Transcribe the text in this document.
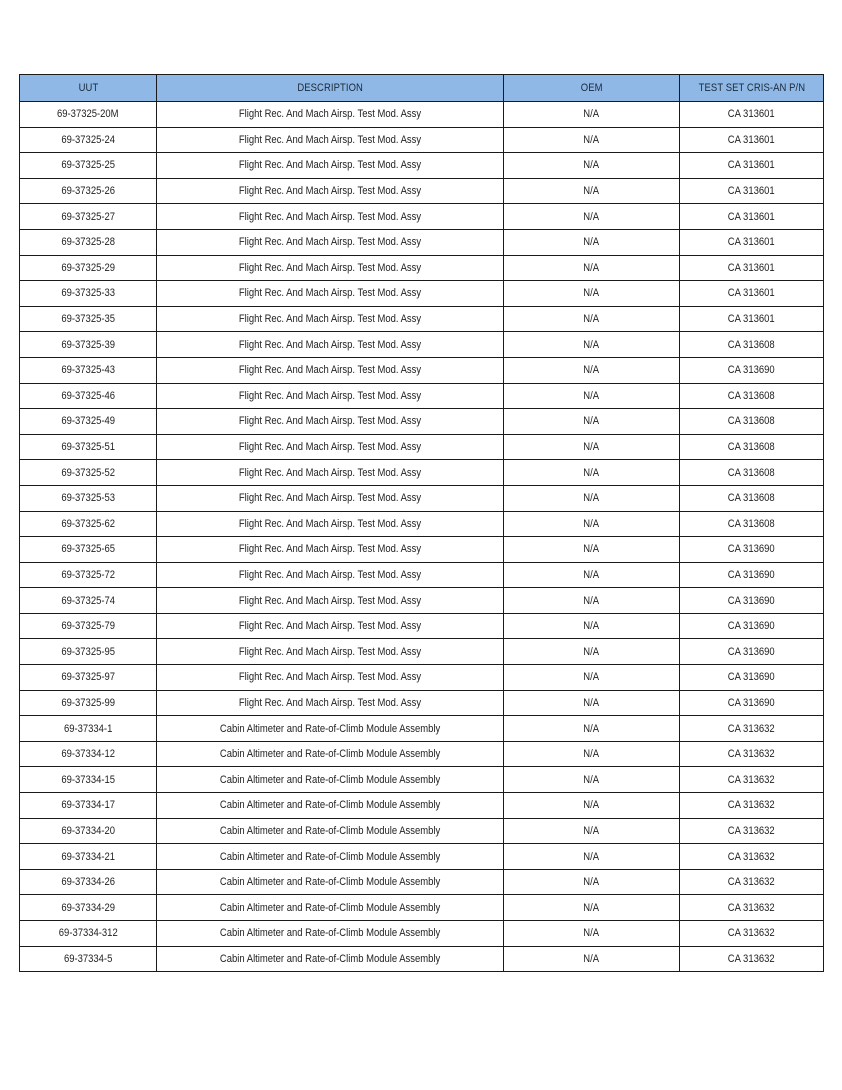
UUT	DESCRIPTION	OEM	TEST SET CRIS-AN P/N
69-37325-20M	Flight Rec. And Mach Airsp. Test Mod. Assy	N/A	CA 313601
69-37325-24	Flight Rec. And Mach Airsp. Test Mod. Assy	N/A	CA 313601
69-37325-25	Flight Rec. And Mach Airsp. Test Mod. Assy	N/A	CA 313601
69-37325-26	Flight Rec. And Mach Airsp. Test Mod. Assy	N/A	CA 313601
69-37325-27	Flight Rec. And Mach Airsp. Test Mod. Assy	N/A	CA 313601
69-37325-28	Flight Rec. And Mach Airsp. Test Mod. Assy	N/A	CA 313601
69-37325-29	Flight Rec. And Mach Airsp. Test Mod. Assy	N/A	CA 313601
69-37325-33	Flight Rec. And Mach Airsp. Test Mod. Assy	N/A	CA 313601
69-37325-35	Flight Rec. And Mach Airsp. Test Mod. Assy	N/A	CA 313601
69-37325-39	Flight Rec. And Mach Airsp. Test Mod. Assy	N/A	CA 313608
69-37325-43	Flight Rec. And Mach Airsp. Test Mod. Assy	N/A	CA 313690
69-37325-46	Flight Rec. And Mach Airsp. Test Mod. Assy	N/A	CA 313608
69-37325-49	Flight Rec. And Mach Airsp. Test Mod. Assy	N/A	CA 313608
69-37325-51	Flight Rec. And Mach Airsp. Test Mod. Assy	N/A	CA 313608
69-37325-52	Flight Rec. And Mach Airsp. Test Mod. Assy	N/A	CA 313608
69-37325-53	Flight Rec. And Mach Airsp. Test Mod. Assy	N/A	CA 313608
69-37325-62	Flight Rec. And Mach Airsp. Test Mod. Assy	N/A	CA 313608
69-37325-65	Flight Rec. And Mach Airsp. Test Mod. Assy	N/A	CA 313690
69-37325-72	Flight Rec. And Mach Airsp. Test Mod. Assy	N/A	CA 313690
69-37325-74	Flight Rec. And Mach Airsp. Test Mod. Assy	N/A	CA 313690
69-37325-79	Flight Rec. And Mach Airsp. Test Mod. Assy	N/A	CA 313690
69-37325-95	Flight Rec. And Mach Airsp. Test Mod. Assy	N/A	CA 313690
69-37325-97	Flight Rec. And Mach Airsp. Test Mod. Assy	N/A	CA 313690
69-37325-99	Flight Rec. And Mach Airsp. Test Mod. Assy	N/A	CA 313690
69-37334-1	Cabin Altimeter and Rate-of-Climb Module Assembly	N/A	CA 313632
69-37334-12	Cabin Altimeter and Rate-of-Climb Module Assembly	N/A	CA 313632
69-37334-15	Cabin Altimeter and Rate-of-Climb Module Assembly	N/A	CA 313632
69-37334-17	Cabin Altimeter and Rate-of-Climb Module Assembly	N/A	CA 313632
69-37334-20	Cabin Altimeter and Rate-of-Climb Module Assembly	N/A	CA 313632
69-37334-21	Cabin Altimeter and Rate-of-Climb Module Assembly	N/A	CA 313632
69-37334-26	Cabin Altimeter and Rate-of-Climb Module Assembly	N/A	CA 313632
69-37334-29	Cabin Altimeter and Rate-of-Climb Module Assembly	N/A	CA 313632
69-37334-312	Cabin Altimeter and Rate-of-Climb Module Assembly	N/A	CA 313632
69-37334-5	Cabin Altimeter and Rate-of-Climb Module Assembly	N/A	CA 313632
